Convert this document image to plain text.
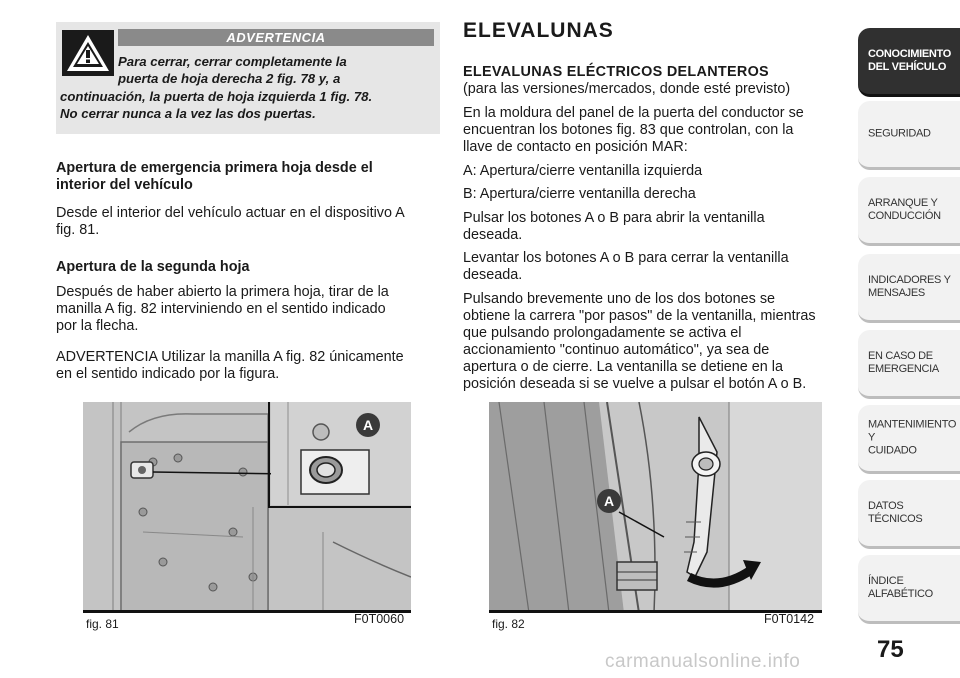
ADVERTENCIA
Para cerrar, cerrar completamente la
puerta de hoja derecha 2 fig. 78 y, a
continuación, la puerta de hoja izquierda 1 fig. 78.
No cerrar nunca a la vez las dos puertas.
Apertura de emergencia primera hoja desde el
interior del vehículo
Desde el interior del vehículo actuar en el dispositivo A
fig. 81.
Apertura de la segunda hoja
Después de haber abierto la primera hoja, tirar de la
manilla A fig. 82 interviniendo en el sentido indicado
por la flecha.
ADVERTENCIA Utilizar la manilla A fig. 82 únicamente
en el sentido indicado por la figura.
ELEVALUNAS
ELEVALUNAS ELÉCTRICOS DELANTEROS
(para las versiones/mercados, donde esté previsto)
En la moldura del panel de la puerta del conductor se
encuentran los botones fig. 83 que controlan, con la
llave de contacto en posición MAR:
A: Apertura/cierre ventanilla izquierda
B: Apertura/cierre ventanilla derecha
Pulsar los botones A o B para abrir la ventanilla
deseada.
Levantar los botones A o B para cerrar la ventanilla
deseada.
Pulsando brevemente uno de los dos botones se
obtiene la carrera "por pasos" de la ventanilla, mientras
que pulsando prolongadamente se activa el
accionamiento "continuo automático", ya sea de
apertura o de cierre. La ventanilla se detiene en la
posición deseada si se vuelve a pulsar el botón A o B.
A
fig. 81	F0T0060
A
fig. 82	F0T0142
CONOCIMIENTO
DEL VEHÍCULO
SEGURIDAD
ARRANQUE Y
CONDUCCIÓN
INDICADORES Y
MENSAJES
EN CASO DE
EMERGENCIA
MANTENIMIENTO Y
CUIDADO
DATOS TÉCNICOS
ÍNDICE ALFABÉTICO
75
carmanualsonline.info
